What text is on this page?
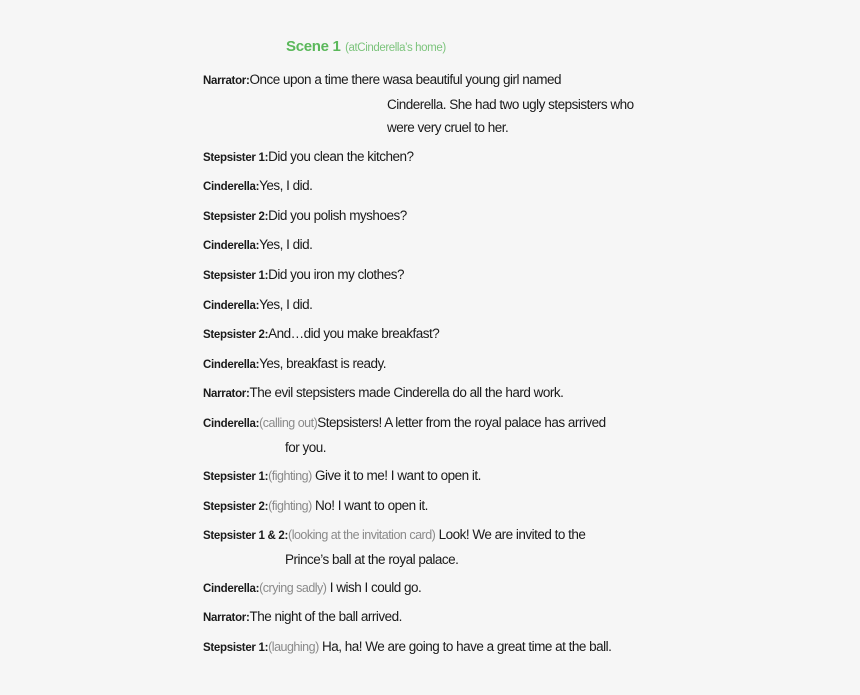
Scene 1 (atCinderella’s home)
Narrator:Once upon a time there wasa beautiful young girl named
Cinderella. She had two ugly stepsisters who
were very cruel to her.
Stepsister 1:Did you clean the kitchen?
Cinderella:Yes, I did.
Stepsister 2:Did you polish myshoes?
Cinderella:Yes, I did.
Stepsister 1:Did you iron my clothes?
Cinderella:Yes, I did.
Stepsister 2:And…did you make breakfast?
Cinderella:Yes, breakfast is ready.
Narrator:The evil stepsisters made Cinderella do all the hard work.
Cinderella:(calling out)Stepsisters! A letter from the royal palace has arrived
for you.
Stepsister 1:(fighting) Give it to me! I want to open it.
Stepsister 2:(fighting) No! I want to open it.
Stepsister 1 & 2:(looking at the invitation card) Look! We are invited to the
Prince’s ball at the royal palace.
Cinderella:(crying sadly) I wish I could go.
Narrator:The night of the ball arrived.
Stepsister 1:(laughing) Ha, ha! We are going to have a great time at the ball.
